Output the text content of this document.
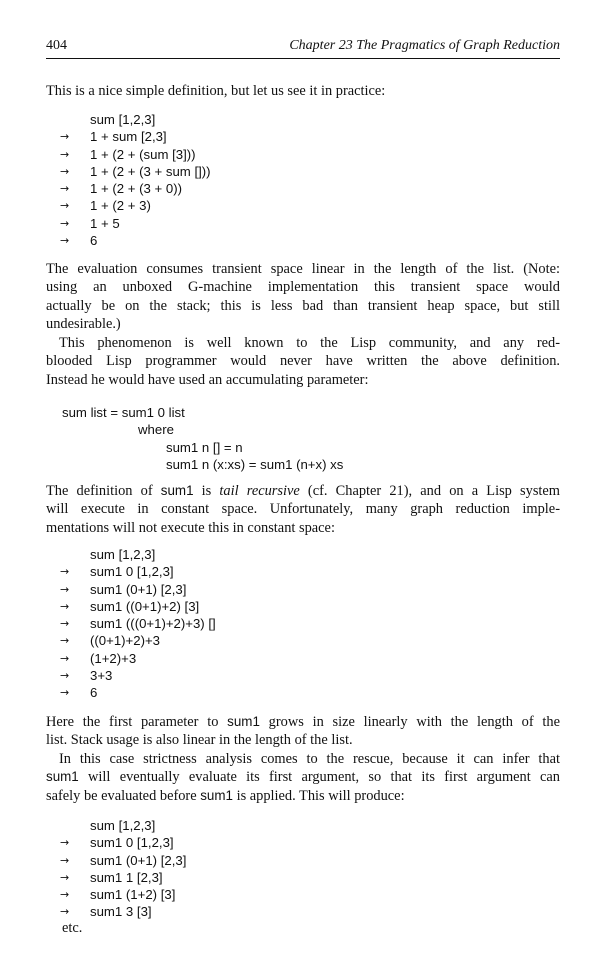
404	Chapter 23 The Pragmatics of Graph Reduction

This is a nice simple definition, but let us see it in practice:

sum [1,2,3]
→	1 + sum [2,3]
→	1 + (2 + (sum [3]))
→	1 + (2 + (3 + sum []))
→	1 + (2 + (3 + 0))
→	1 + (2 + 3)
→	1 + 5
→	6

The evaluation consumes transient space linear in the length of the list. (Note:
using an unboxed G-machine implementation this transient space would
actually be on the stack; this is less bad than transient heap space, but still
undesirable.)

This phenomenon is well known to the Lisp community, and any red-
blooded Lisp programmer would never have written the above definition.
Instead he would have used an accumulating parameter:

sum list = sum1 0 list
where
sum1 n [] = n
sum1 n (x:xs) = sum1 (n+x) xs

The definition of sum1 is tail recursive (cf. Chapter 21), and on a Lisp system
will execute in constant space. Unfortunately, many graph reduction imple-
mentations will not execute this in constant space:

sum [1,2,3]
→	sum1 0 [1,2,3]
→	sum1 (0+1) [2,3]
→	sum1 ((0+1)+2) [3]
→	sum1 (((0+1)+2)+3) []
→	((0+1)+2)+3
→	(1+2)+3
→	3+3
→	6

Here the first parameter to sum1 grows in size linearly with the length of the
list. Stack usage is also linear in the length of the list.

In this case strictness analysis comes to the rescue, because it can infer that
sum1 will eventually evaluate its first argument, so that its first argument can
safely be evaluated before sum1 is applied. This will produce:

sum [1,2,3]
→	sum1 0 [1,2,3]
→	sum1 (0+1) [2,3]
→	sum1 1 [2,3]
→	sum1 (1+2) [3]
→	sum1 3 [3]
etc.
